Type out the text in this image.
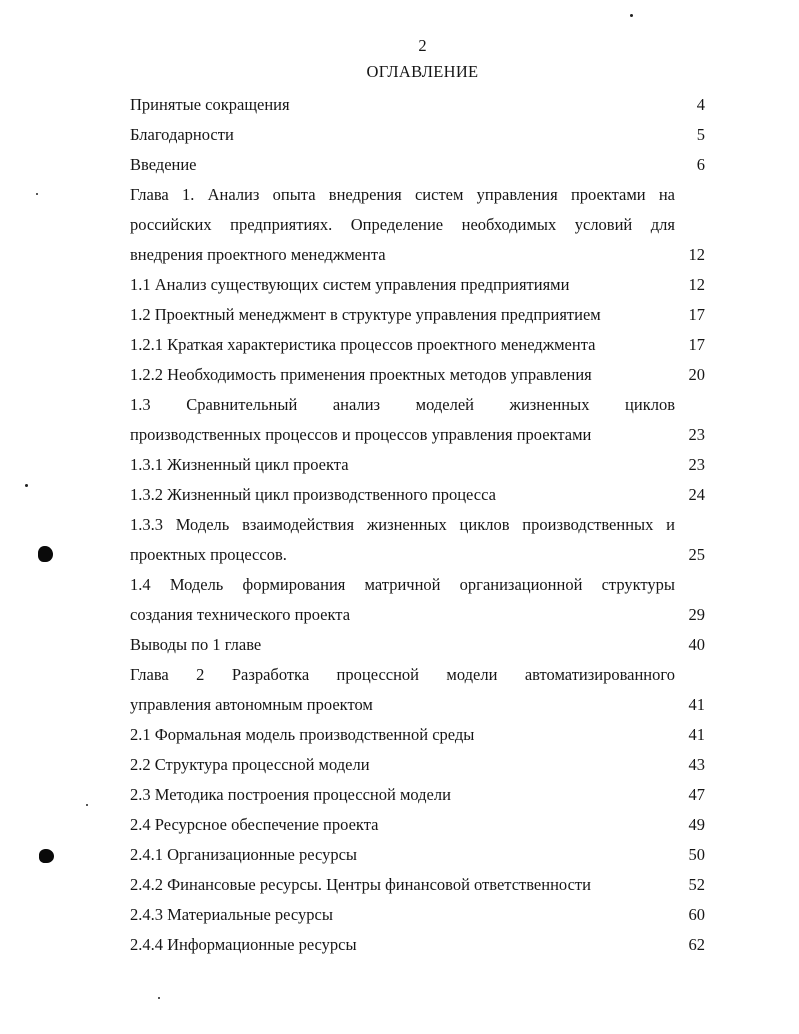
2
ОГЛАВЛЕНИЕ
Принятые сокращения	4
Благодарности	5
Введение	6
Глава 1. Анализ опыта внедрения систем управления проектами на
российских предприятиях. Определение необходимых условий для
внедрения проектного менеджмента	12
1.1 Анализ существующих систем управления предприятиями	12
1.2 Проектный менеджмент в структуре управления предприятием	17
1.2.1 Краткая характеристика процессов проектного менеджмента	17
1.2.2 Необходимость применения проектных методов управления	20
1.3 Сравнительный анализ моделей жизненных циклов
производственных процессов и процессов управления проектами	23
1.3.1 Жизненный цикл проекта	23
1.3.2 Жизненный цикл производственного процесса	24
1.3.3 Модель взаимодействия жизненных циклов производственных и
проектных процессов.	25
1.4 Модель формирования матричной организационной структуры
создания технического проекта	29
Выводы по 1 главе	40
Глава 2 Разработка процессной модели автоматизированного
управления автономным проектом	41
2.1 Формальная модель производственной среды	41
2.2 Структура процессной модели	43
2.3 Методика построения процессной модели	47
2.4 Ресурсное обеспечение проекта	49
2.4.1 Организационные ресурсы	50
2.4.2 Финансовые ресурсы. Центры финансовой ответственности	52
2.4.3 Материальные ресурсы	60
2.4.4 Информационные ресурсы	62
